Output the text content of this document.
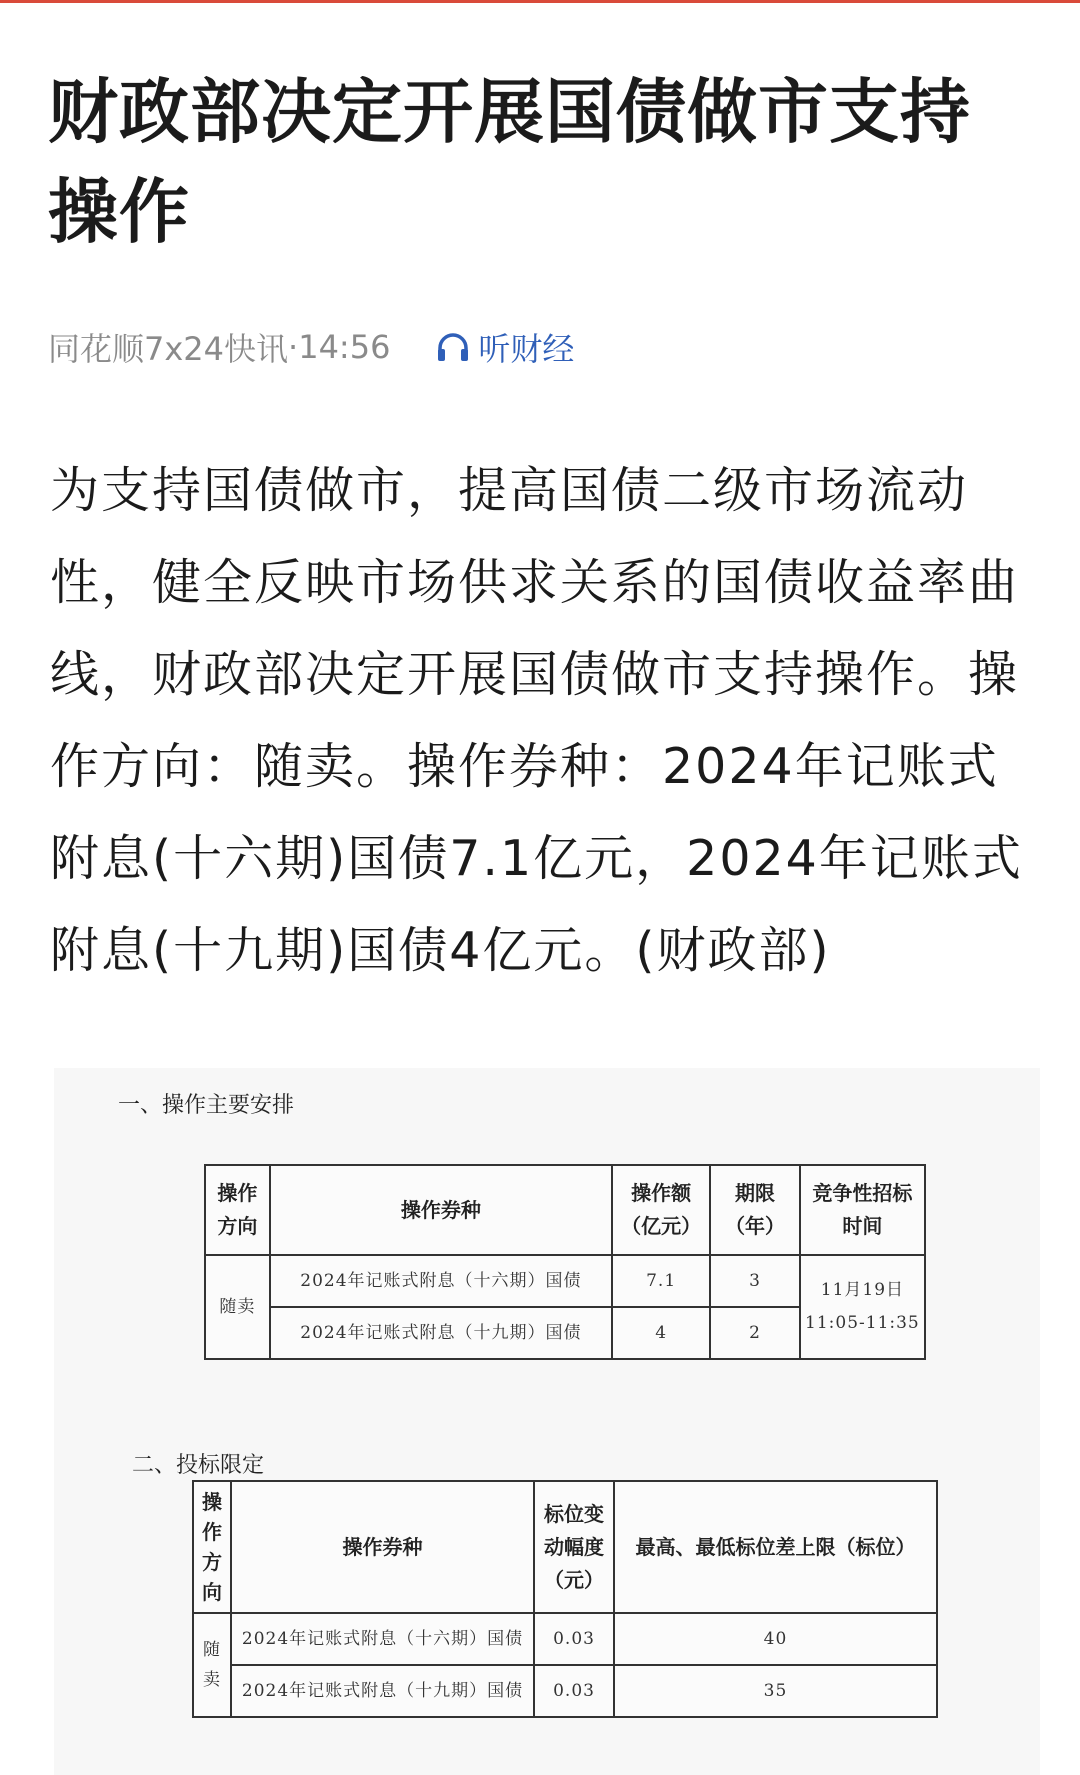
财政部决定开展国债做市支持操作
同花顺7x24快讯 · 14:56	听财经

为支持国债做市，提高国债二级市场流动性，健全反映市场供求关系的国债收益率曲线，财政部决定开展国债做市支持操作。操作方向：随卖。操作券种：2024年记账式附息(十六期)国债7.1亿元，2024年记账式附息(十九期)国债4亿元。(财政部)

一、操作主要安排
操作方向	操作券种	操作额（亿元）	期限（年）	竞争性招标时间
随卖	2024年记账式附息（十六期）国债	7.1	3	11月19日
11:05-11:35

	2024年记账式附息（十九期）国债	4	2	
二、投标限定
操作方向	操作券种	标位变动幅度（元）	最高、最低标位差上限（标位）
随卖	2024年记账式附息（十六期）国债	0.03	40
	2024年记账式附息（十九期）国债	0.03	35
